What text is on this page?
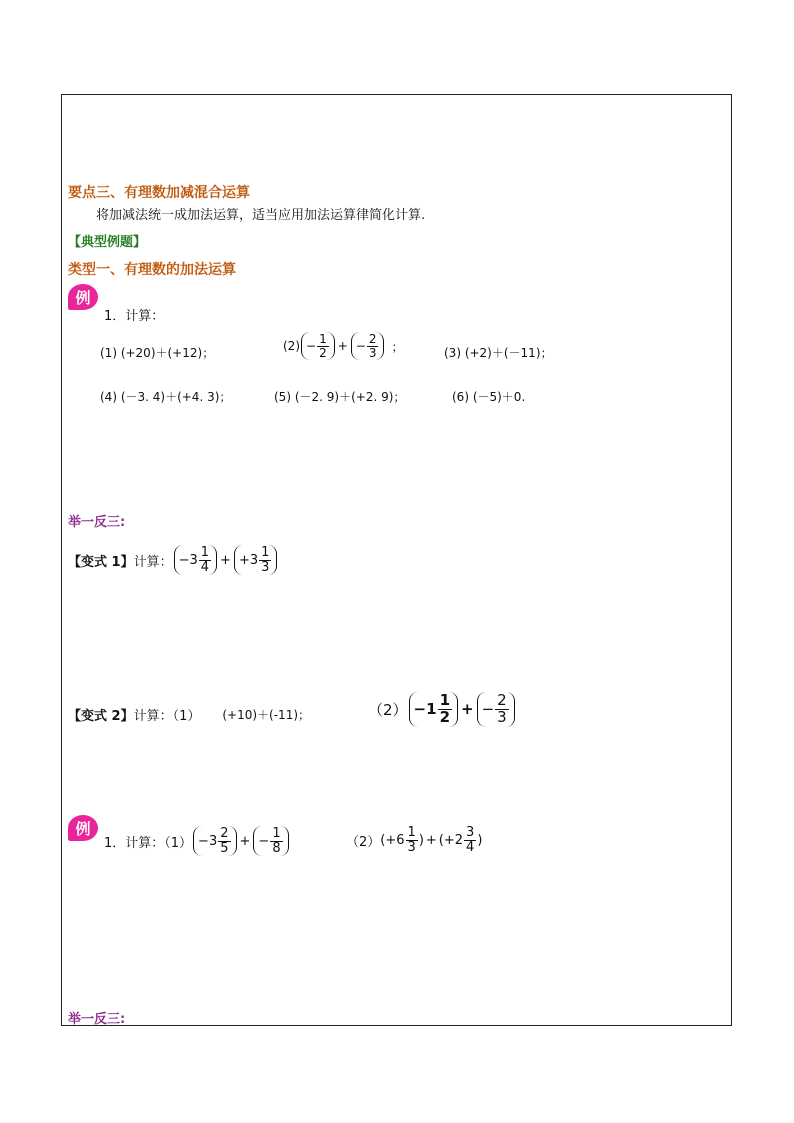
要点三、有理数加减混合运算
将加减法统一成加法运算，适当应用加法运算律简化计算.
【典型例题】
类型一、有理数的加法运算
例
1．计算：
(1) (+20)＋(+12)；	$(2) - \frac{1}{2}$ + − $\frac{2}{3}$ ；	(3) (+2)＋(－11)；
(4) (－3. 4)＋(+4. 3)；	(5) (－2. 9)＋(+2. 9)；	(6) (－5)＋0.
举一反三:
【变式 1】 计算： $-3 \frac{1}{4} + +3 \frac{1}{3}$
【变式 2】 计算：（1） (+10)＋(-11)；	$(2) -1 \frac{1}{2}$ + − $\frac{2}{3}$
例
1．计算：$(1) -3 \frac{2}{5}$ + − $\frac{1}{8}$	（2） ($+6 \frac{1}{3}$ ) + ($+2 \frac{3}{4}$ )
举一反三:
